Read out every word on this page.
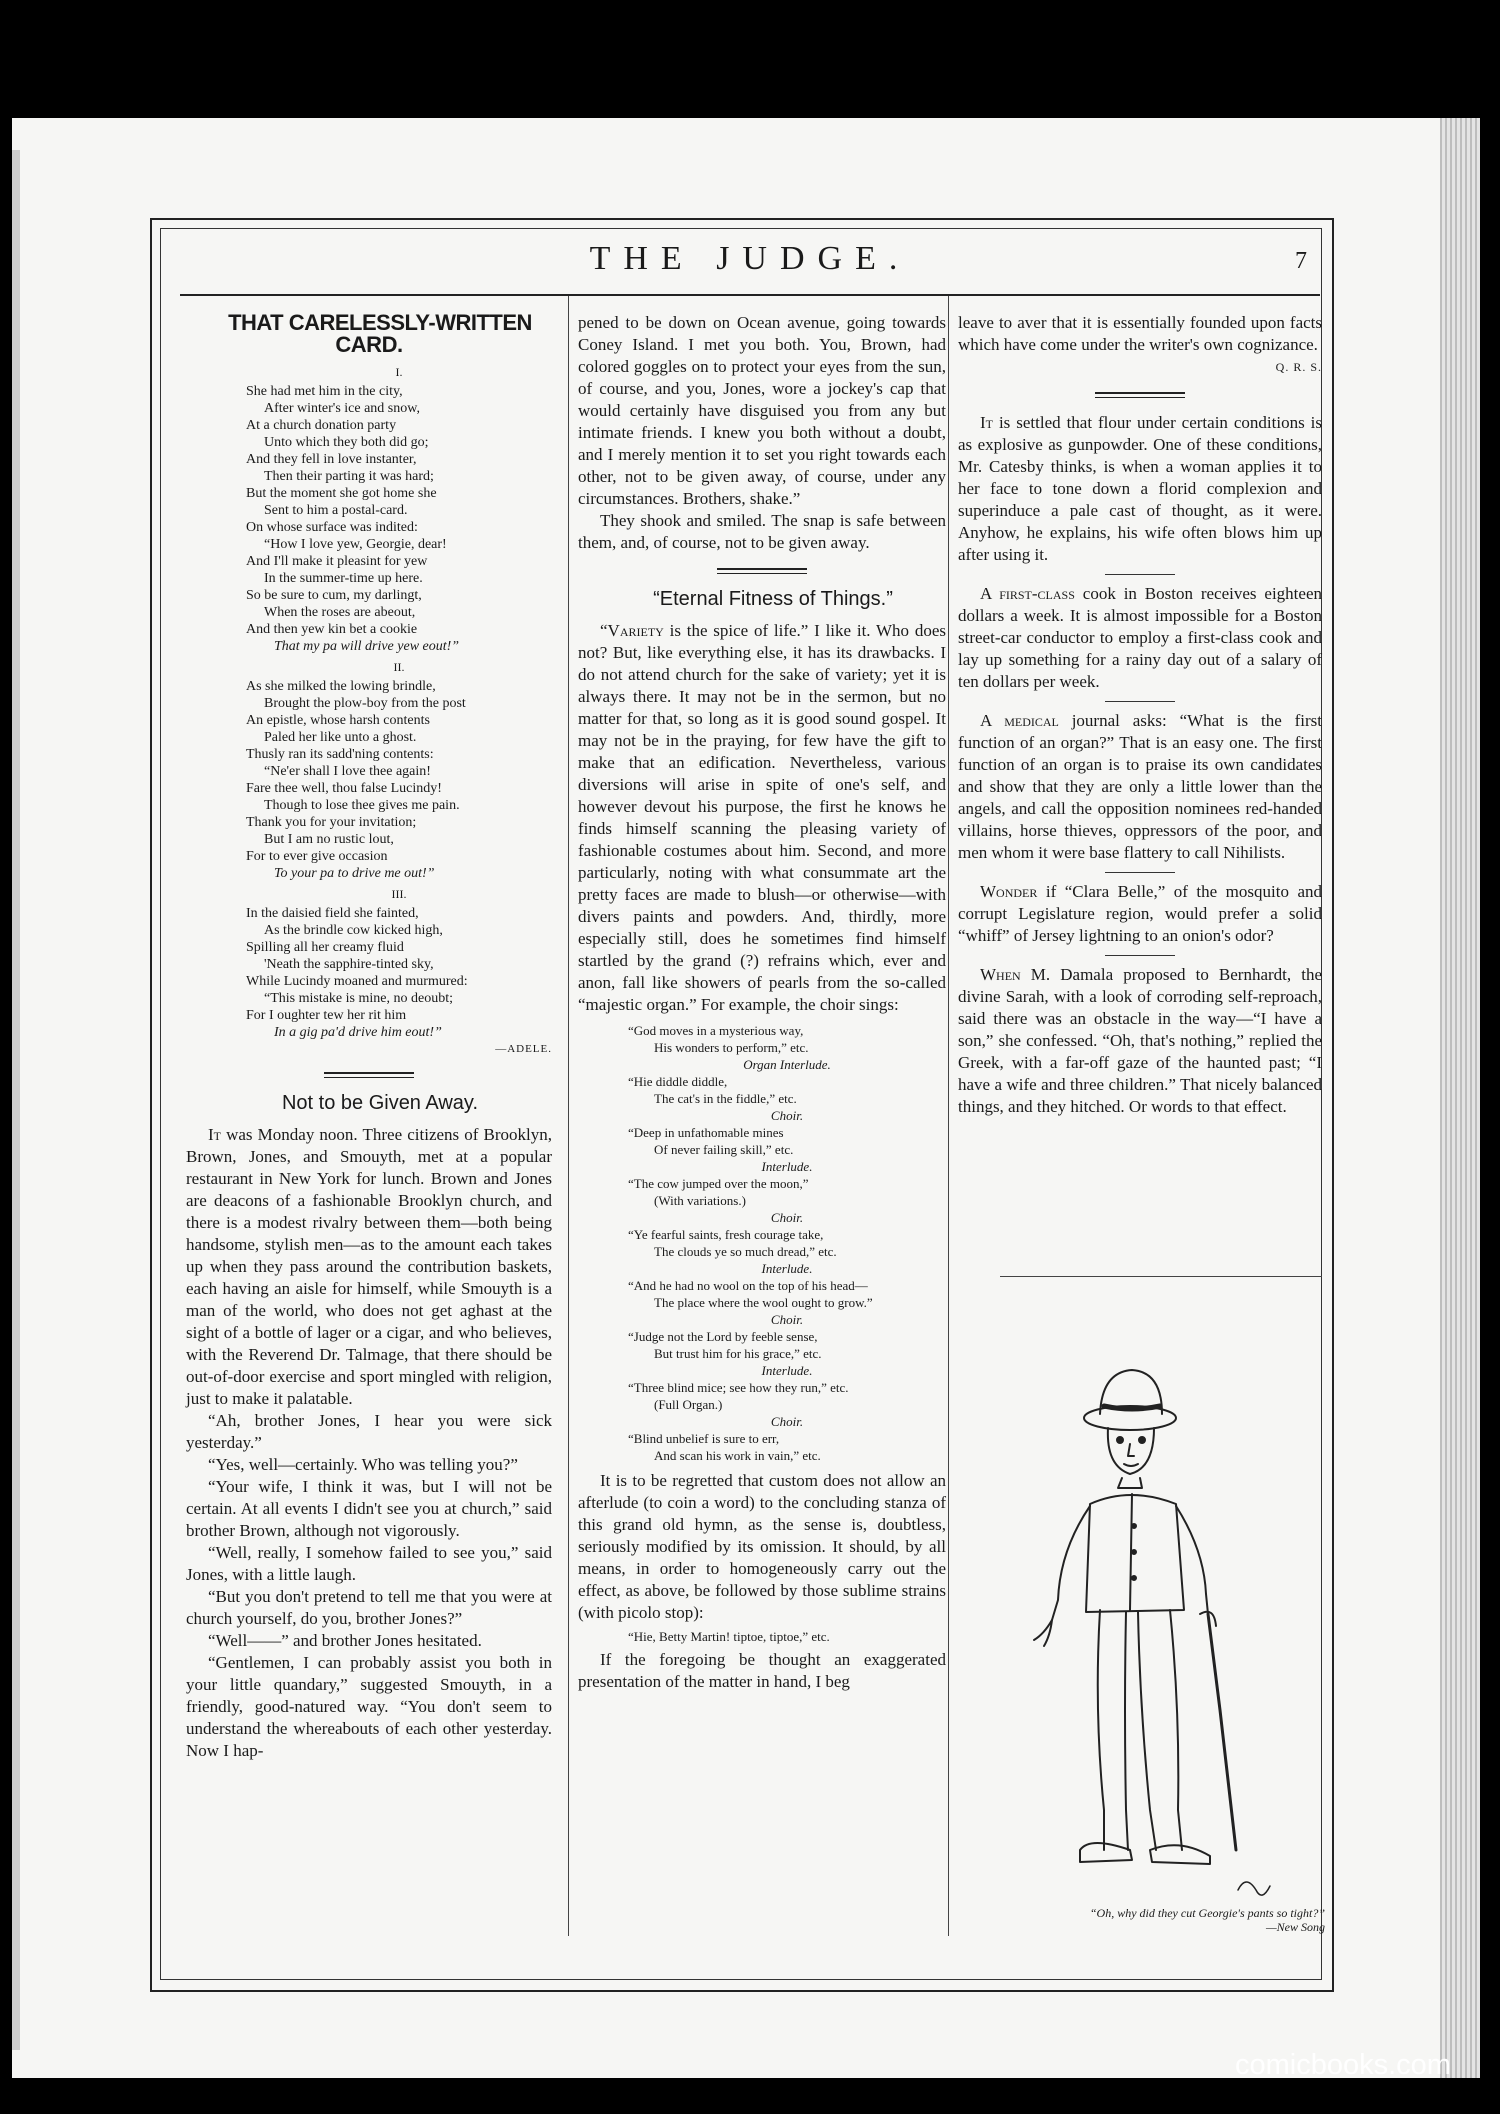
THE JUDGE.	7

THAT CARELESSLY-WRITTEN CARD.

I.
She had met him in the city,
After winter's ice and snow,
At a church donation party
Unto which they both did go;
And they fell in love instanter,
Then their parting it was hard;
But the moment she got home she
Sent to him a postal-card.
On whose surface was indited:
“How I love yew, Georgie, dear!
And I'll make it pleasint for yew
In the summer-time up here.
So be sure to cum, my darlingt,
When the roses are abeout,
And then yew kin bet a cookie
That my pa will drive yew eout!”
II.
As she milked the lowing brindle,
Brought the plow-boy from the post
An epistle, whose harsh contents
Paled her like unto a ghost.
Thusly ran its sadd'ning contents:
“Ne'er shall I love thee again!
Fare thee well, thou false Lucindy!
Though to lose thee gives me pain.
Thank you for your invitation;
But I am no rustic lout,
For to ever give occasion
To your pa to drive me out!”
III.
In the daisied field she fainted,
As the brindle cow kicked high,
Spilling all her creamy fluid
'Neath the sapphire-tinted sky,
While Lucindy moaned and murmured:
“This mistake is mine, no deoubt;
For I oughter tew her rit him
In a gig pa'd drive him eout!”
—ADELE.

Not to be Given Away.

It was Monday noon. Three citizens of Brooklyn, Brown, Jones, and Smouyth, met at a popular restaurant in New York for lunch. Brown and Jones are deacons of a fashionable Brooklyn church, and there is a modest rivalry between them—both being handsome, stylish men—as to the amount each takes up when they pass around the contribution baskets, each having an aisle for himself, while Smouyth is a man of the world, who does not get aghast at the sight of a bottle of lager or a cigar, and who believes, with the Reverend Dr. Talmage, that there should be out-of-door exercise and sport mingled with religion, just to make it palatable.

“Ah, brother Jones, I hear you were sick yesterday.”

“Yes, well—certainly. Who was telling you?”

“Your wife, I think it was, but I will not be certain. At all events I didn't see you at church,” said brother Brown, although not vigorously.

“Well, really, I somehow failed to see you,” said Jones, with a little laugh.

“But you don't pretend to tell me that you were at church yourself, do you, brother Jones?”

“Well——” and brother Jones hesitated.

“Gentlemen, I can probably assist you both in your little quandary,” suggested Smouyth, in a friendly, good-natured way. “You don't seem to understand the whereabouts of each other yesterday. Now I hap-

pened to be down on Ocean avenue, going towards Coney Island. I met you both. You, Brown, had colored goggles on to protect your eyes from the sun, of course, and you, Jones, wore a jockey's cap that would certainly have disguised you from any but intimate friends. I knew you both without a doubt, and I merely mention it to set you right towards each other, not to be given away, of course, under any circumstances. Brothers, shake.”

They shook and smiled. The snap is safe between them, and, of course, not to be given away.

“Eternal Fitness of Things.”

“Variety is the spice of life.” I like it. Who does not? But, like everything else, it has its drawbacks. I do not attend church for the sake of variety; yet it is always there. It may not be in the sermon, but no matter for that, so long as it is good sound gospel. It may not be in the praying, for few have the gift to make that an edification. Nevertheless, various diversions will arise in spite of one's self, and however devout his purpose, the first he knows he finds himself scanning the pleasing variety of fashionable costumes about him. Second, and more particularly, noting with what consummate art the pretty faces are made to blush—or otherwise—with divers paints and powders. And, thirdly, more especially still, does he sometimes find himself startled by the grand (?) refrains which, ever and anon, fall like showers of pearls from the so-called “majestic organ.” For example, the choir sings:

“God moves in a mysterious way,
His wonders to perform,” etc.
Organ Interlude.
“Hie diddle diddle,
The cat's in the fiddle,” etc.
Choir.
“Deep in unfathomable mines
Of never failing skill,” etc.
Interlude.
“The cow jumped over the moon,”
(With variations.)
Choir.
“Ye fearful saints, fresh courage take,
The clouds ye so much dread,” etc.
Interlude.
“And he had no wool on the top of his head—
The place where the wool ought to grow.”
Choir.
“Judge not the Lord by feeble sense,
But trust him for his grace,” etc.
Interlude.
“Three blind mice; see how they run,” etc.
(Full Organ.)
Choir.
“Blind unbelief is sure to err,
And scan his work in vain,” etc.

It is to be regretted that custom does not allow an afterlude (to coin a word) to the concluding stanza of this grand old hymn, as the sense is, doubtless, seriously modified by its omission. It should, by all means, in order to homogeneously carry out the effect, as above, be followed by those sublime strains (with picolo stop):

“Hie, Betty Martin! tiptoe, tiptoe,” etc.

If the foregoing be thought an exaggerated presentation of the matter in hand, I beg

leave to aver that it is essentially founded upon facts which have come under the writer's own cognizance.

Q. R. S.

It is settled that flour under certain conditions is as explosive as gunpowder. One of these conditions, Mr. Catesby thinks, is when a woman applies it to her face to tone down a florid complexion and superinduce a pale cast of thought, as it were. Anyhow, he explains, his wife often blows him up after using it.

A first-class cook in Boston receives eighteen dollars a week. It is almost impossible for a Boston street-car conductor to employ a first-class cook and lay up something for a rainy day out of a salary of ten dollars per week.

A medical journal asks: “What is the first function of an organ?” That is an easy one. The first function of an organ is to praise its own candidates and show that they are only a little lower than the angels, and call the opposition nominees red-handed villains, horse thieves, oppressors of the poor, and men whom it were base flattery to call Nihilists.

Wonder if “Clara Belle,” of the mosquito and corrupt Legislature region, would prefer a solid “whiff” of Jersey lightning to an onion's odor?

When M. Damala proposed to Bernhardt, the divine Sarah, with a look of corroding self-reproach, said there was an obstacle in the way—“I have a son,” she confessed. “Oh, that's nothing,” replied the Greek, with a far-off gaze of the haunted past; “I have a wife and three children.” That nicely balanced things, and they hitched. Or words to that effect.

“Oh, why did they cut Georgie's pants so tight?”
—New Song
comicbooks.com
